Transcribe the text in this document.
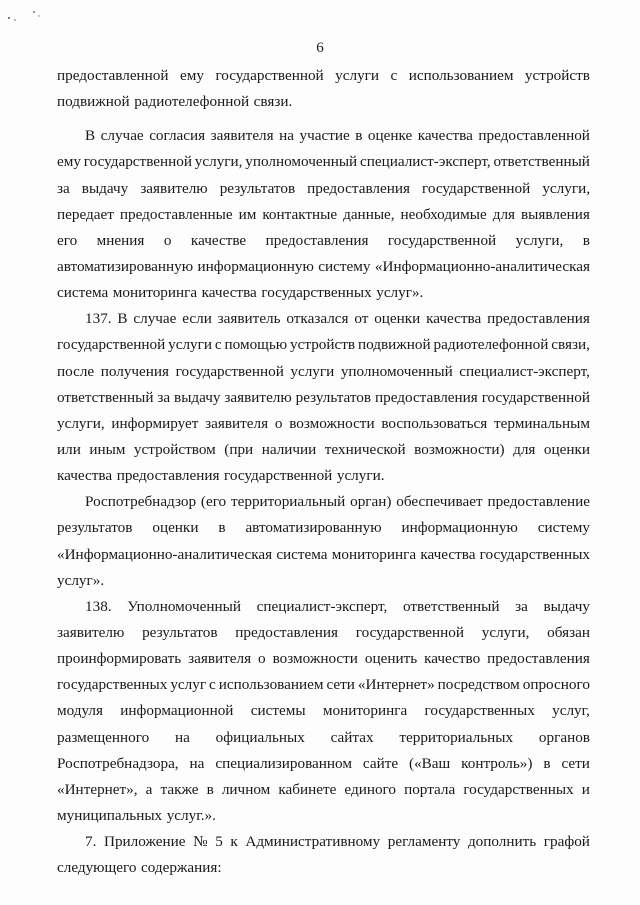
6
предоставленной ему государственной услуги с использованием устройств
подвижной радиотелефонной связи.
В случае согласия заявителя на участие в оценке качества предоставленной
ему государственной услуги, уполномоченный специалист-эксперт, ответственный
за выдачу заявителю результатов предоставления государственной услуги,
передает предоставленные им контактные данные, необходимые для выявления
его мнения о качестве предоставления государственной услуги, в
автоматизированную информационную систему «Информационно-аналитическая
система мониторинга качества государственных услуг».
137. В случае если заявитель отказался от оценки качества предоставления
государственной услуги с помощью устройств подвижной радиотелефонной связи,
после получения государственной услуги уполномоченный специалист-эксперт,
ответственный за выдачу заявителю результатов предоставления государственной
услуги, информирует заявителя о возможности воспользоваться терминальным
или иным устройством (при наличии технической возможности) для оценки
качества предоставления государственной услуги.
Роспотребнадзор (его территориальный орган) обеспечивает предоставление
результатов оценки в автоматизированную информационную систему
«Информационно-аналитическая система мониторинга качества государственных
услуг».
138. Уполномоченный специалист-эксперт, ответственный за выдачу
заявителю результатов предоставления государственной услуги, обязан
проинформировать заявителя о возможности оценить качество предоставления
государственных услуг с использованием сети «Интернет» посредством опросного
модуля информационной системы мониторинга государственных услуг,
размещенного на официальных сайтах территориальных органов
Роспотребнадзора, на специализированном сайте («Ваш контроль») в сети
«Интернет», а также в личном кабинете единого портала государственных и
муниципальных услуг.».
7. Приложение № 5 к Административному регламенту дополнить графой
следующего содержания:
